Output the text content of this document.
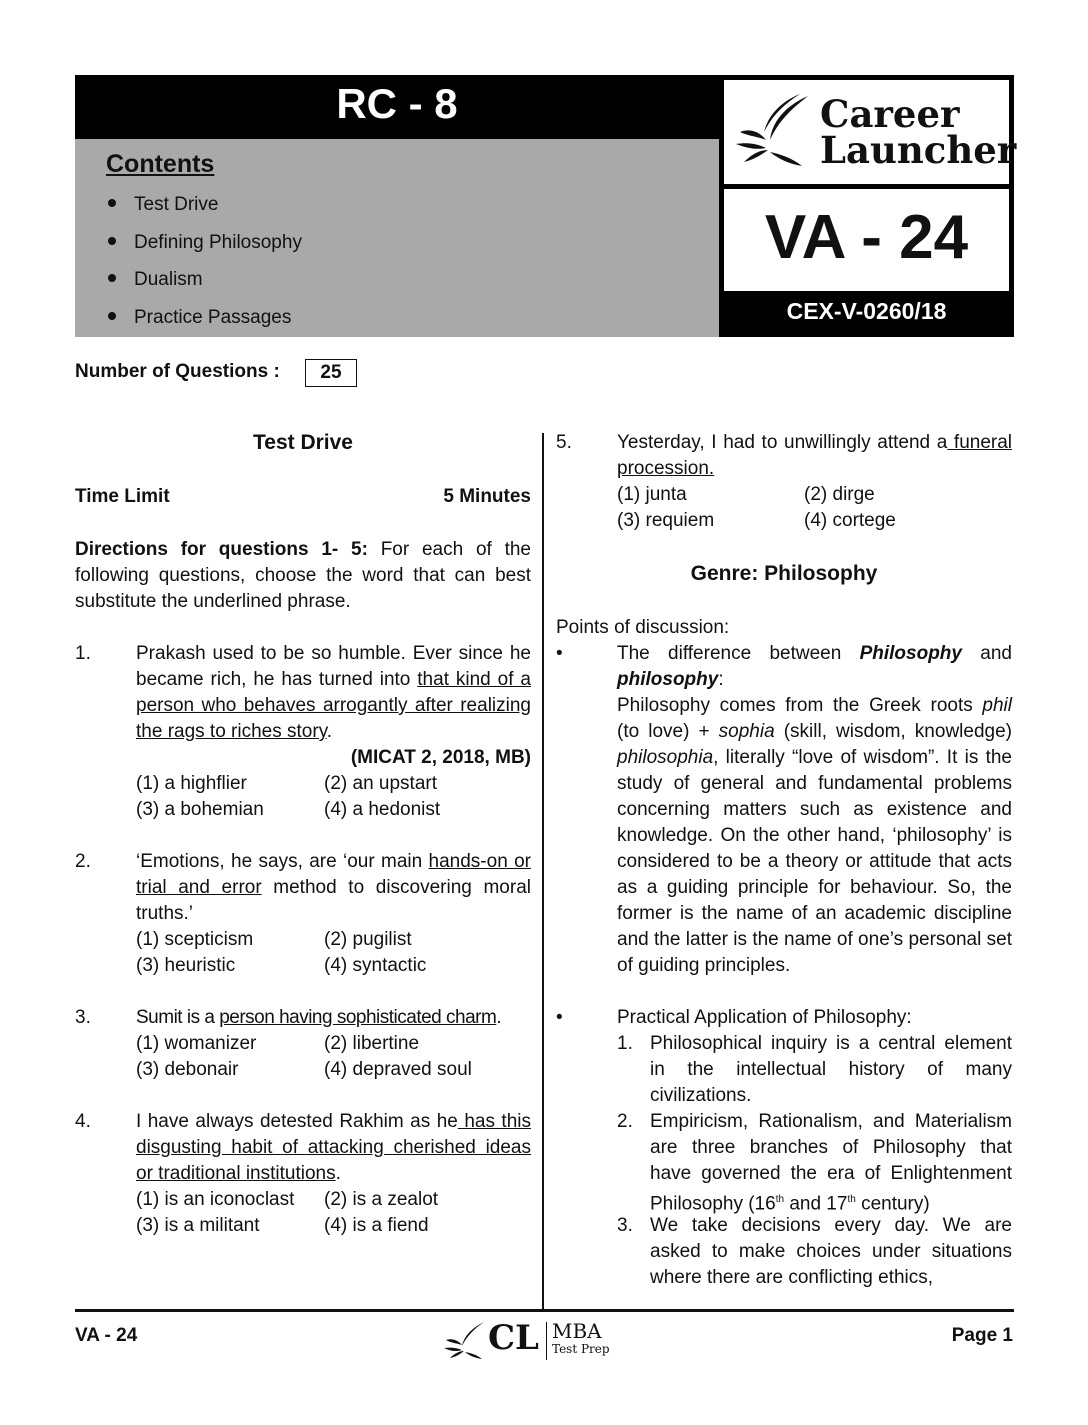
RC - 8
Contents
Test Drive
Defining Philosophy
Dualism
Practice Passages
Career
Launcher
VA - 24
CEX-V-0260/18
Number of Questions :	25
Test Drive
Time Limit	5 Minutes
Directions for questions 1- 5: For each of the following questions, choose the word that can best substitute the underlined phrase.
1. Prakash used to be so humble. Ever since he became rich, he has turned into that kind of a person who behaves arrogantly after realizing the rags to riches story.
(MICAT 2, 2018, MB)
(1) a highflier	(2) an upstart
(3) a bohemian	(4) a hedonist
2. ‘Emotions, he says, are ‘our main hands-on or trial and error method to discovering moral truths.’
(1) scepticism	(2) pugilist
(3) heuristic	(4) syntactic
3. Sumit is a person having sophisticated charm.
(1) womanizer	(2) libertine
(3) debonair	(4) depraved soul
4. I have always detested Rakhim as he has this disgusting habit of attacking cherished ideas or traditional institutions.
(1) is an iconoclast (2) is a zealot
(3) is a militant	(4) is a fiend
5. Yesterday, I had to unwillingly attend a funeral procession.
(1) junta	(2) dirge
(3) requiem	(4) cortege
Genre: Philosophy
Points of discussion:
•	The difference between Philosophy and philosophy:
Philosophy comes from the Greek roots phil (to love) + sophia (skill, wisdom, knowledge) philosophia, literally “love of wisdom”. It is the study of general and fundamental problems concerning matters such as existence and knowledge. On the other hand, ‘philosophy’ is considered to be a theory or attitude that acts as a guiding principle for behaviour. So, the former is the name of an academic discipline and the latter is the name of one’s personal set of guiding principles.
•	Practical Application of Philosophy:
1. Philosophical inquiry is a central element in the intellectual history of many civilizations.
2. Empiricism, Rationalism, and Materialism are three branches of Philosophy that have governed the era of Enlightenment Philosophy (16th and 17th century)
3. We take decisions every day. We are asked to make choices under situations where there are conflicting ethics,
VA - 24	CL MBA
Test Prep
Page 1
